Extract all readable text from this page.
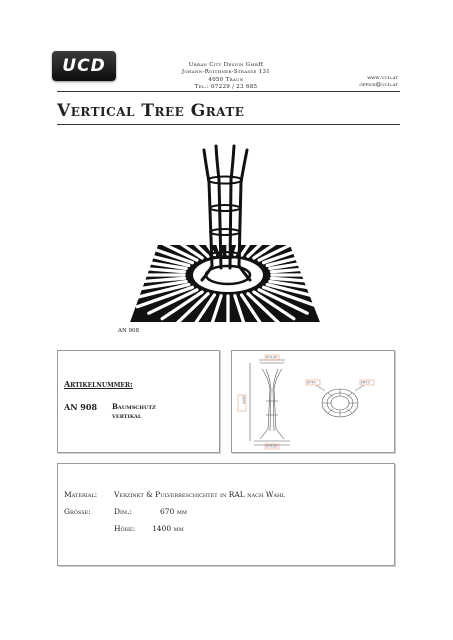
UCD	Urban City Design GmbH
Johann-Roithner-Strasse 131
4050 Traun
Tel.: 07229 / 23 685
www.ucd.at
office@ucd.at
Vertical Tree Grate
AN 908
Artikelnummer:
AN 908 Baumschutz
vertikal
670,00
670,00
1400
Ø740	Ø670
Material: Verzinkt & Pulverbeschichtet in RAL nach Wahl
Grösse:	Dim.:	670 mm
Höhe: 1400 mm
